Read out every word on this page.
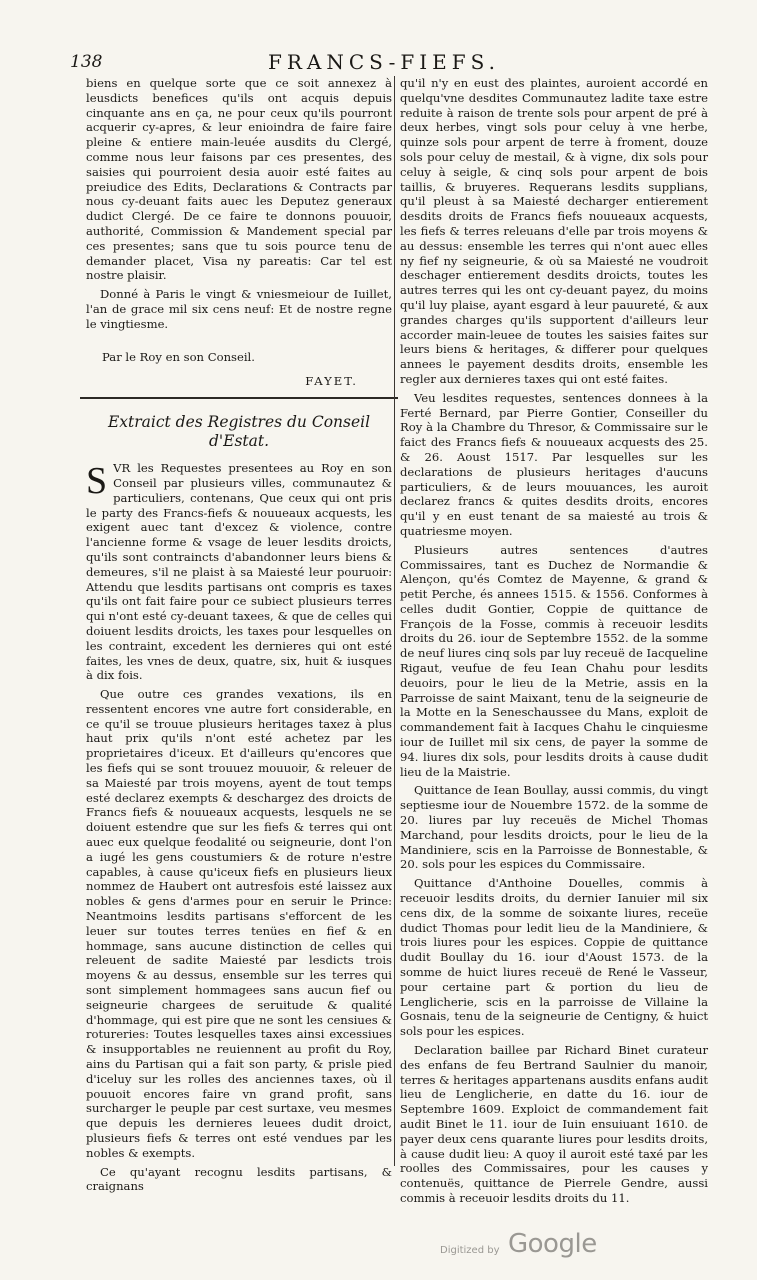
138	FRANCS-FIEFS.

biens en quelque sorte que ce soit annexez à leusdicts benefices qu'ils ont acquis depuis cinquante ans en ça, ne pour ceux qu'ils pourront acquerir cy-apres, & leur enioindra de faire faire pleine & entiere main-leuée ausdits du Clergé, comme nous leur faisons par ces presentes, des saisies qui pourroient desia auoir esté faites au preiudice des Edits, Declarations & Contracts par nous cy-deuant faits auec les Deputez generaux dudict Clergé. De ce faire te donnons pouuoir, authorité, Commission & Mandement special par ces presentes; sans que tu sois pource tenu de demander placet, Visa ny pareatis: Car tel est nostre plaisir.

Donné à Paris le vingt & vniesmeiour de Iuillet, l'an de grace mil six cens neuf: Et de nostre regne le vingtiesme.

Par le Roy en son Conseil.

FAYET.

Extraict des Registres du Conseil
d'Estat.

SVR les Requestes presentees au Roy en son Conseil par plusieurs villes, communautez & particuliers, contenans, Que ceux qui ont pris le party des Francs-fiefs & nouueaux acquests, les exigent auec tant d'excez & violence, contre l'ancienne forme & vsage de leuer lesdits droicts, qu'ils sont contraincts d'abandonner leurs biens & demeures, s'il ne plaist à sa Maiesté leur pouruoir: Attendu que lesdits partisans ont compris es taxes qu'ils ont fait faire pour ce subiect plusieurs terres qui n'ont esté cy-deuant taxees, & que de celles qui doiuent lesdits droicts, les taxes pour lesquelles on les contraint, excedent les dernieres qui ont esté faites, les vnes de deux, quatre, six, huit & iusques à dix fois.

Que outre ces grandes vexations, ils en ressentent encores vne autre fort considerable, en ce qu'il se trouue plusieurs heritages taxez à plus haut prix qu'ils n'ont esté achetez par les proprietaires d'iceux. Et d'ailleurs qu'encores que les fiefs qui se sont trouuez mouuoir, & releuer de sa Maiesté par trois moyens, ayent de tout temps esté declarez exempts & deschargez des droicts de Francs fiefs & nouueaux acquests, lesquels ne se doiuent estendre que sur les fiefs & terres qui ont auec eux quelque feodalité ou seigneurie, dont l'on a iugé les gens coustumiers & de roture n'estre capables, à cause qu'iceux fiefs en plusieurs lieux nommez de Haubert ont autresfois esté laissez aux nobles & gens d'armes pour en seruir le Prince: Neantmoins lesdits partisans s'efforcent de les leuer sur toutes terres tenües en fief & en hommage, sans aucune distinction de celles qui releuent de sadite Maiesté par lesdicts trois moyens & au dessus, ensemble sur les terres qui sont simplement hommagees sans aucun fief ou seigneurie chargees de seruitude & qualité d'hommage, qui est pire que ne sont les censiues & rotureries: Toutes lesquelles taxes ainsi excessiues & insupportables ne reuiennent au profit du Roy, ains du Partisan qui a fait son party, & prisle pied d'iceluy sur les rolles des anciennes taxes, où il pouuoit encores faire vn grand profit, sans surcharger le peuple par cest surtaxe, veu mesmes que depuis les dernieres leuees dudit droict, plusieurs fiefs & terres ont esté vendues par les nobles & exempts.

Ce qu'ayant recognu lesdits partisans, & craignans

qu'il n'y en eust des plaintes, auroient accordé en quelqu'vne desdites Communautez ladite taxe estre reduite à raison de trente sols pour arpent de pré à deux herbes, vingt sols pour celuy à vne herbe, quinze sols pour arpent de terre à froment, douze sols pour celuy de mestail, & à vigne, dix sols pour celuy à seigle, & cinq sols pour arpent de bois taillis, & bruyeres. Requerans lesdits supplians, qu'il pleust à sa Maiesté decharger entierement desdits droits de Francs fiefs nouueaux acquests, les fiefs & terres releuans d'elle par trois moyens & au dessus: ensemble les terres qui n'ont auec elles ny fief ny seigneurie, & où sa Maiesté ne voudroit deschager entierement desdits droicts, toutes les autres terres qui les ont cy-deuant payez, du moins qu'il luy plaise, ayant esgard à leur pauureté, & aux grandes charges qu'ils supportent d'ailleurs leur accorder main-leuee de toutes les saisies faites sur leurs biens & heritages, & differer pour quelques annees le payement desdits droits, ensemble les regler aux dernieres taxes qui ont esté faites.

Veu lesdites requestes, sentences donnees à la Ferté Bernard, par Pierre Gontier, Conseiller du Roy à la Chambre du Thresor, & Commissaire sur le faict des Francs fiefs & nouueaux acquests des 25. & 26. Aoust 1517. Par lesquelles sur les declarations de plusieurs heritages d'aucuns particuliers, & de leurs mouuances, les auroit declarez francs & quites desdits droits, encores qu'il y en eust tenant de sa maiesté au trois & quatriesme moyen.

Plusieurs autres sentences d'autres Commissaires, tant es Duchez de Normandie & Alençon, qu'és Comtez de Mayenne, & grand & petit Perche, és annees 1515. & 1556. Conformes à celles dudit Gontier, Coppie de quittance de François de la Fosse, commis à receuoir lesdits droits du 26. iour de Septembre 1552. de la somme de neuf liures cinq sols par luy receuë de Iacqueline Rigaut, veufue de feu Iean Chahu pour lesdits deuoirs, pour le lieu de la Metrie, assis en la Parroisse de saint Maixant, tenu de la seigneurie de la Motte en la Seneschaussee du Mans, exploit de commandement fait à Iacques Chahu le cinquiesme iour de Iuillet mil six cens, de payer la somme de 94. liures dix sols, pour lesdits droits à cause dudit lieu de la Maistrie.

Quittance de Iean Boullay, aussi commis, du vingt septiesme iour de Nouembre 1572. de la somme de 20. liures par luy receuës de Michel Thomas Marchand, pour lesdits droicts, pour le lieu de la Mandiniere, scis en la Parroisse de Bonnestable, & 20. sols pour les espices du Commissaire.

Quittance d'Anthoine Douelles, commis à receuoir lesdits droits, du dernier Ianuier mil six cens dix, de la somme de soixante liures, receüe dudict Thomas pour ledit lieu de la Mandiniere, & trois liures pour les espices. Coppie de quittance dudit Boullay du 16. iour d'Aoust 1573. de la somme de huict liures receuë de René le Vasseur, pour certaine part & portion du lieu de Lenglicherie, scis en la parroisse de Villaine la Gosnais, tenu de la seigneurie de Centigny, & huict sols pour les espices.

Declaration baillee par Richard Binet curateur des enfans de feu Bertrand Saulnier du manoir, terres & heritages appartenans ausdits enfans audit lieu de Lenglicherie, en datte du 16. iour de Septembre 1609. Exploict de commandement fait audit Binet le 11. iour de Iuin ensuiuant 1610. de payer deux cens quarante liures pour lesdits droits, à cause dudit lieu: A quoy il auroit esté taxé par les roolles des Commissaires, pour les causes y contenuës, quittance de Pierrele Gendre, aussi commis à receuoir lesdits droits du 11.

Digitized by Google
